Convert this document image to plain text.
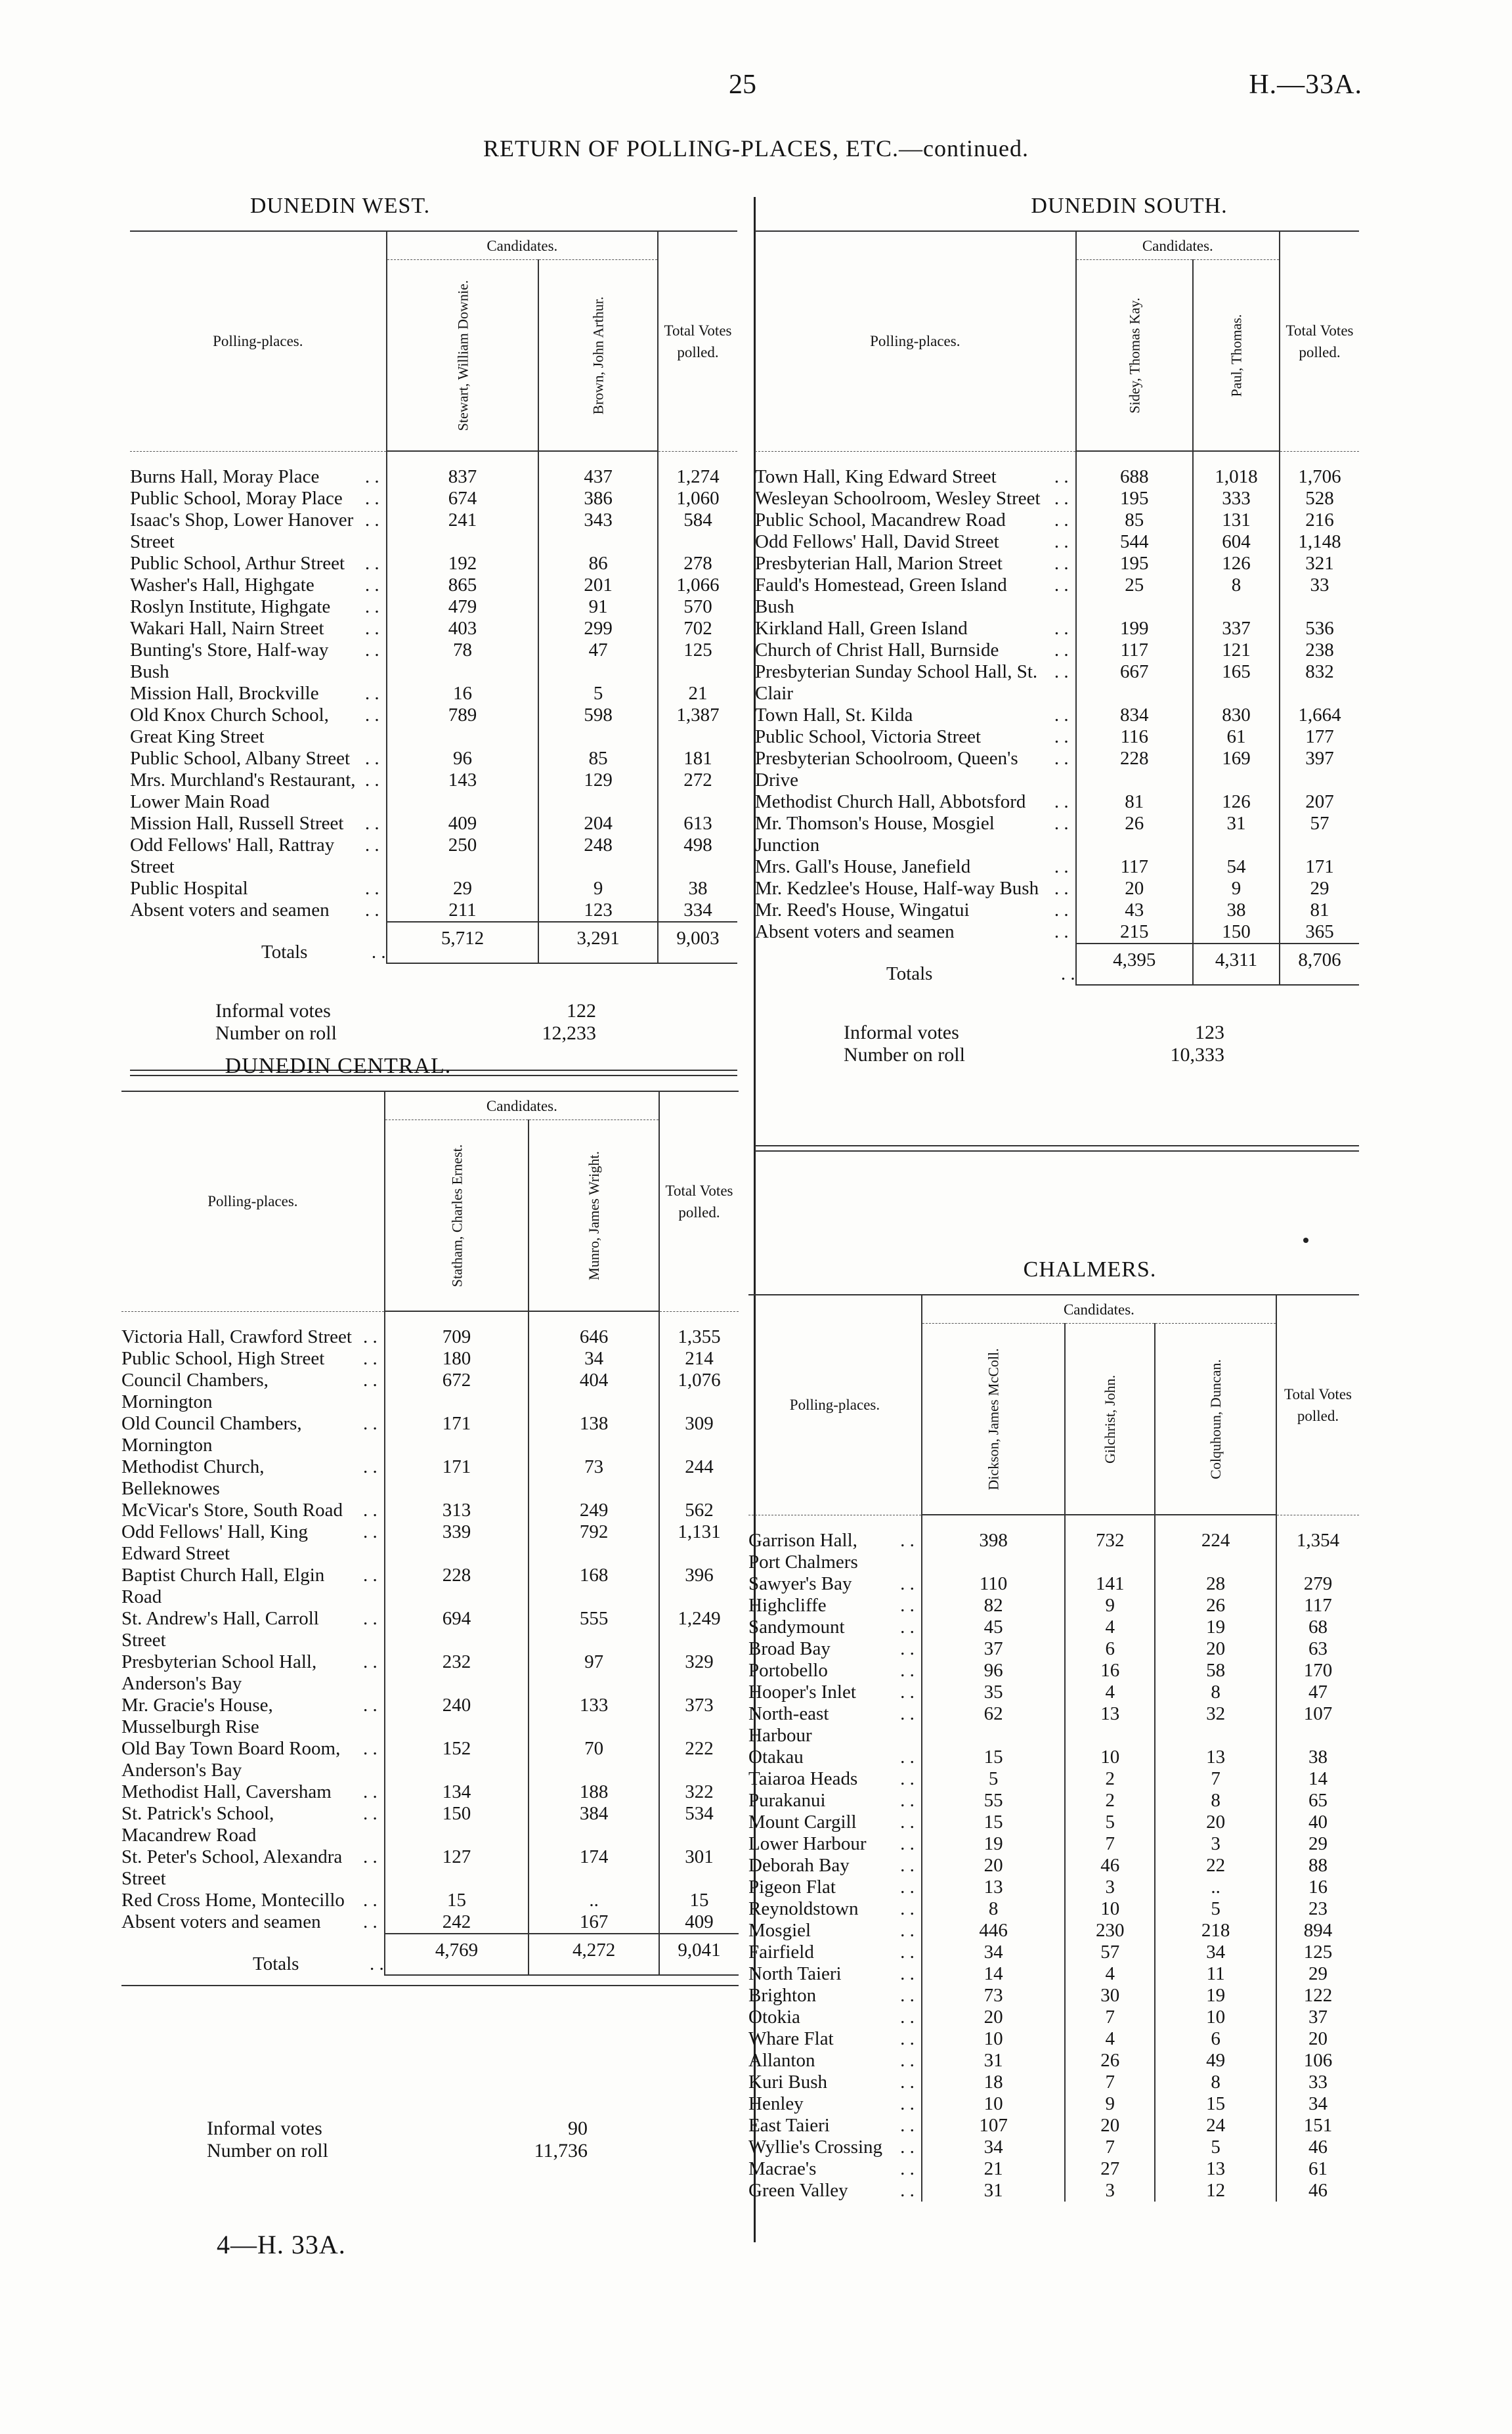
25	H.—33A.
RETURN OF POLLING-PLACES, ETC.—continued.
DUNEDIN WEST.
Polling-places.	Candidates.		Total Votes polled.
	Stewart, William Downie.	Brown, John Arthur.	

Burns Hall, Moray Place . .	837	437	1,274

Public School, Moray Place . .	674	386	1,060

Isaac's Shop, Lower Hanover Street
. .	241	343	584

Public School, Arthur Street . .	192	86	278

Washer's Hall, Highgate . .	865	201	1,066

Roslyn Institute, Highgate . .	479	91	570

Wakari Hall, Nairn Street . .	403	299	702

Bunting's Store, Half-way Bush
. .	78	47	125

Mission Hall, Brockville . .	16	5	21

Old Knox Church School, Great King Street
. .	789	598	1,387

Public School, Albany Street . .	96	85	181

Mrs. Murchland's Restaurant, Lower Main Road
. .	143	129	272

Mission Hall, Russell Street . .	409	204	613

Odd Fellows' Hall, Rattray Street
. .	250	248	498

Public Hospital . .	29	9	38

Absent voters and seamen . .	211	123	334

Totals . .	5,712	3,291	9,003
Informal votes	122
Number on roll	12,233
DUNEDIN CENTRAL.
Polling-places.	Candidates.		Total Votes polled.
	Statham, Charles Ernest.	Munro, James Wright.	

Victoria Hall, Crawford Street . .	709	646	1,355

Public School, High Street . .	180	34	214

Council Chambers, Mornington
. .	672	404	1,076

Old Council Chambers, Mornington
. .	171	138	309

Methodist Church, Belleknowes
. .	171	73	244

McVicar's Store, South Road . .	313	249	562

Odd Fellows' Hall, King Edward Street
. .	339	792	1,131

Baptist Church Hall, Elgin Road
. .	228	168	396

St. Andrew's Hall, Carroll Street
. .	694	555	1,249

Presbyterian School Hall, Anderson's Bay
. .	232	97	329

Mr. Gracie's House, Musselburgh Rise
. .	240	133	373

Old Bay Town Board Room, Anderson's Bay
. .	152	70	222

Methodist Hall, Caversham . .	134	188	322

St. Patrick's School, Macandrew Road
. .	150	384	534

St. Peter's School, Alexandra Street
. .	127	174	301

Red Cross Home, Montecillo . .	15	..	15

Absent voters and seamen . .	242	167	409

Totals . .	4,769	4,272	9,041
Informal votes	90
Number on roll	11,736
DUNEDIN SOUTH.
Polling-places.	Candidates.		Total Votes polled.
	Sidey, Thomas Kay.	Paul, Thomas.	

Town Hall, King Edward Street . .	688	1,018	1,706

Wesleyan Schoolroom, Wesley Street . .	195	333	528

Public School, Macandrew Road . .	85	131	216

Odd Fellows' Hall, David Street . .	544	604	1,148

Presbyterian Hall, Marion Street . .	195	126	321

Fauld's Homestead, Green Island Bush
. .	25	8	33

Kirkland Hall, Green Island . .	199	337	536

Church of Christ Hall, Burnside . .	117	121	238

Presbyterian Sunday School Hall, St. Clair
. .	667	165	832

Town Hall, St. Kilda . .	834	830	1,664

Public School, Victoria Street . .	116	61	177

Presbyterian Schoolroom, Queen's Drive
. .	228	169	397

Methodist Church Hall, Abbotsford . .	81	126	207

Mr. Thomson's House, Mosgiel Junction
. .	26	31	57

Mrs. Gall's House, Janefield . .	117	54	171

Mr. Kedzlee's House, Half-way Bush . .	20	9	29

Mr. Reed's House, Wingatui . .	43	38	81

Absent voters and seamen . .	215	150	365

Totals . .	4,395	4,311	8,706
Informal votes	123
Number on roll	10,333
CHALMERS.
Polling-places.	Candidates.			Total Votes polled.
	Dickson, James McColl.	Gilchrist, John.	Colquhoun, Duncan.	

Garrison Hall, Port Chalmers
. .	398	732	224	1,354

Sawyer's Bay . .	110	141	28	279

Highcliffe . .	82	9	26	117

Sandymount . .	45	4	19	68

Broad Bay . .	37	6	20	63

Portobello . .	96	16	58	170

Hooper's Inlet . .	35	4	8	47

North-east Harbour
. .	62	13	32	107

Otakau . .	15	10	13	38

Taiaroa Heads . .	5	2	7	14

Purakanui . .	55	2	8	65

Mount Cargill . .	15	5	20	40

Lower Harbour . .	19	7	3	29

Deborah Bay . .	20	46	22	88

Pigeon Flat . .	13	3	..	16

Reynoldstown . .	8	10	5	23

Mosgiel . .	446	230	218	894

Fairfield . .	34	57	34	125

North Taieri . .	14	4	11	29

Brighton . .	73	30	19	122

Otokia . .	20	7	10	37

Whare Flat . .	10	4	6	20

Allanton . .	31	26	49	106

Kuri Bush . .	18	7	8	33

Henley . .	10	9	15	34

East Taieri . .	107	20	24	151

Wyllie's Crossing . .	34	7	5	46

Macrae's . .	21	27	13	61

Green Valley . .	31	3	12	46
4—H. 33A.
